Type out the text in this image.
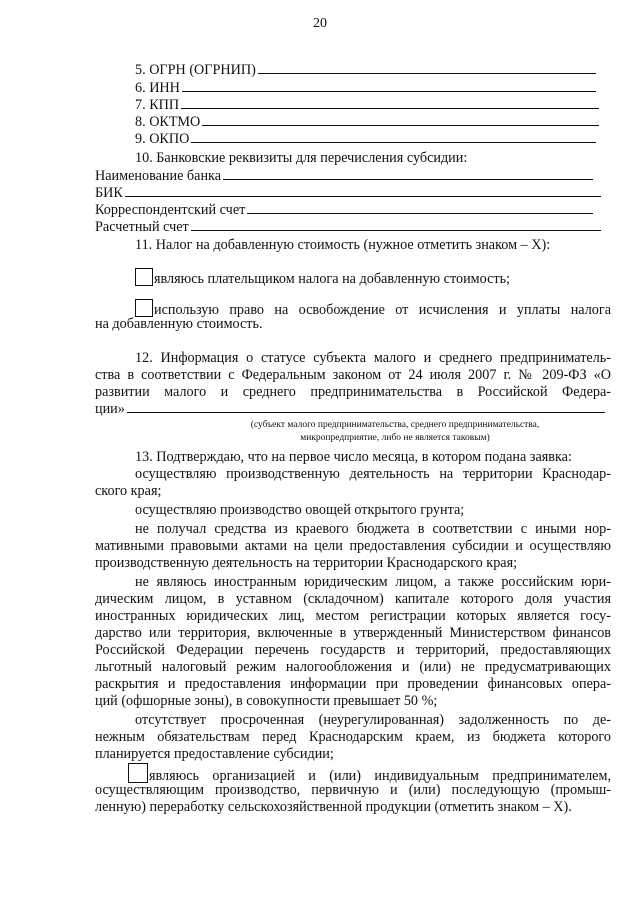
20
5. ОГРН (ОГРНИП)
6. ИНН
7. КПП
8. ОКТМО
9. ОКПО
10. Банковские реквизиты для перечисления субсидии:
Наименование банка
БИК
Корреспондентский счет
Расчетный счет
11. Налог на добавленную стоимость (нужное отметить знаком – Х):
являюсь плательщиком налога на добавленную стоимость;
использую право на освобождение от исчисления и уплаты налога
на добавленную стоимость.
12. Информация о статусе субъекта малого и среднего предприниматель-
ства в соответствии с Федеральным законом от 24 июля 2007 г. № 209-ФЗ «О
развитии малого и среднего предпринимательства в Российской Федера-
ции»
(субъект малого предпринимательства, среднего предпринимательства,
микропредприятие, либо не является таковым)
13. Подтверждаю, что на первое число месяца, в котором подана заявка:
осуществляю производственную деятельность на территории Краснодар-
ского края;
осуществляю производство овощей открытого грунта;
не получал средства из краевого бюджета в соответствии с иными нор-
мативными правовыми актами на цели предоставления субсидии и осуществляю
производственную деятельность на территории Краснодарского края;
не являюсь иностранным юридическим лицом, а также российским юри-
дическим лицом, в уставном (складочном) капитале которого доля участия
иностранных юридических лиц, местом регистрации которых является госу-
дарство или территория, включенные в утвержденный Министерством финансов
Российской Федерации перечень государств и территорий, предоставляющих
льготный налоговый режим налогообложения и (или) не предусматривающих
раскрытия и предоставления информации при проведении финансовых опера-
ций (офшорные зоны), в совокупности превышает 50 %;
отсутствует просроченная (неурегулированная) задолженность по де-
нежным обязательствам перед Краснодарским краем, из бюджета которого
планируется предоставление субсидии;
являюсь организацией и (или) индивидуальным предпринимателем,
осуществляющим производство, первичную и (или) последующую (промыш-
ленную) переработку сельскохозяйственной продукции (отметить знаком – Х).
